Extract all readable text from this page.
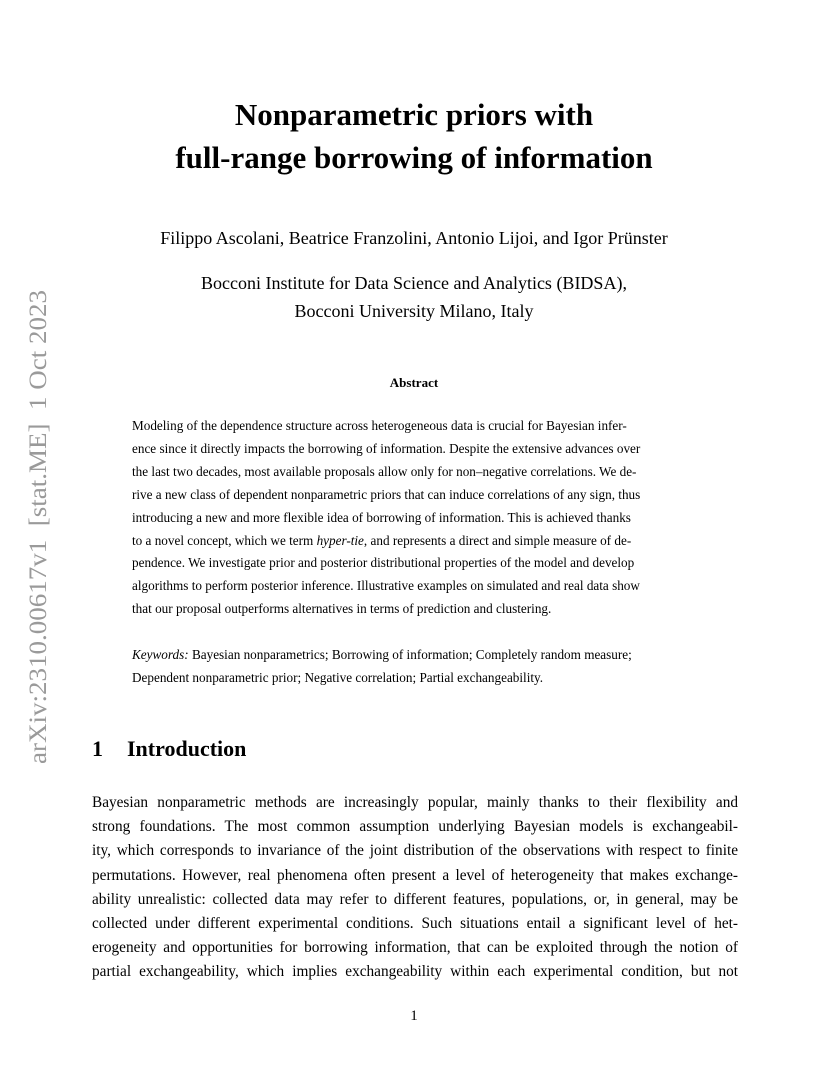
arXiv:2310.00617v1  [stat.ME]  1 Oct 2023
Nonparametric priors with
full-range borrowing of information
Filippo Ascolani, Beatrice Franzolini, Antonio Lijoi, and Igor Prünster
Bocconi Institute for Data Science and Analytics (BIDSA),
Bocconi University Milano, Italy
Abstract
Modeling of the dependence structure across heterogeneous data is crucial for Bayesian infer-
ence since it directly impacts the borrowing of information. Despite the extensive advances over
the last two decades, most available proposals allow only for non–negative correlations. We de-
rive a new class of dependent nonparametric priors that can induce correlations of any sign, thus
introducing a new and more flexible idea of borrowing of information. This is achieved thanks
to a novel concept, which we term hyper-tie, and represents a direct and simple measure of de-
pendence. We investigate prior and posterior distributional properties of the model and develop
algorithms to perform posterior inference. Illustrative examples on simulated and real data show
that our proposal outperforms alternatives in terms of prediction and clustering.
Keywords: Bayesian nonparametrics; Borrowing of information; Completely random measure;
Dependent nonparametric prior; Negative correlation; Partial exchangeability.
1 Introduction
Bayesian nonparametric methods are increasingly popular, mainly thanks to their flexibility and
strong foundations. The most common assumption underlying Bayesian models is exchangeabil-
ity, which corresponds to invariance of the joint distribution of the observations with respect to finite
permutations. However, real phenomena often present a level of heterogeneity that makes exchange-
ability unrealistic: collected data may refer to different features, populations, or, in general, may be
collected under different experimental conditions. Such situations entail a significant level of het-
erogeneity and opportunities for borrowing information, that can be exploited through the notion of
partial exchangeability, which implies exchangeability within each experimental condition, but not
1
